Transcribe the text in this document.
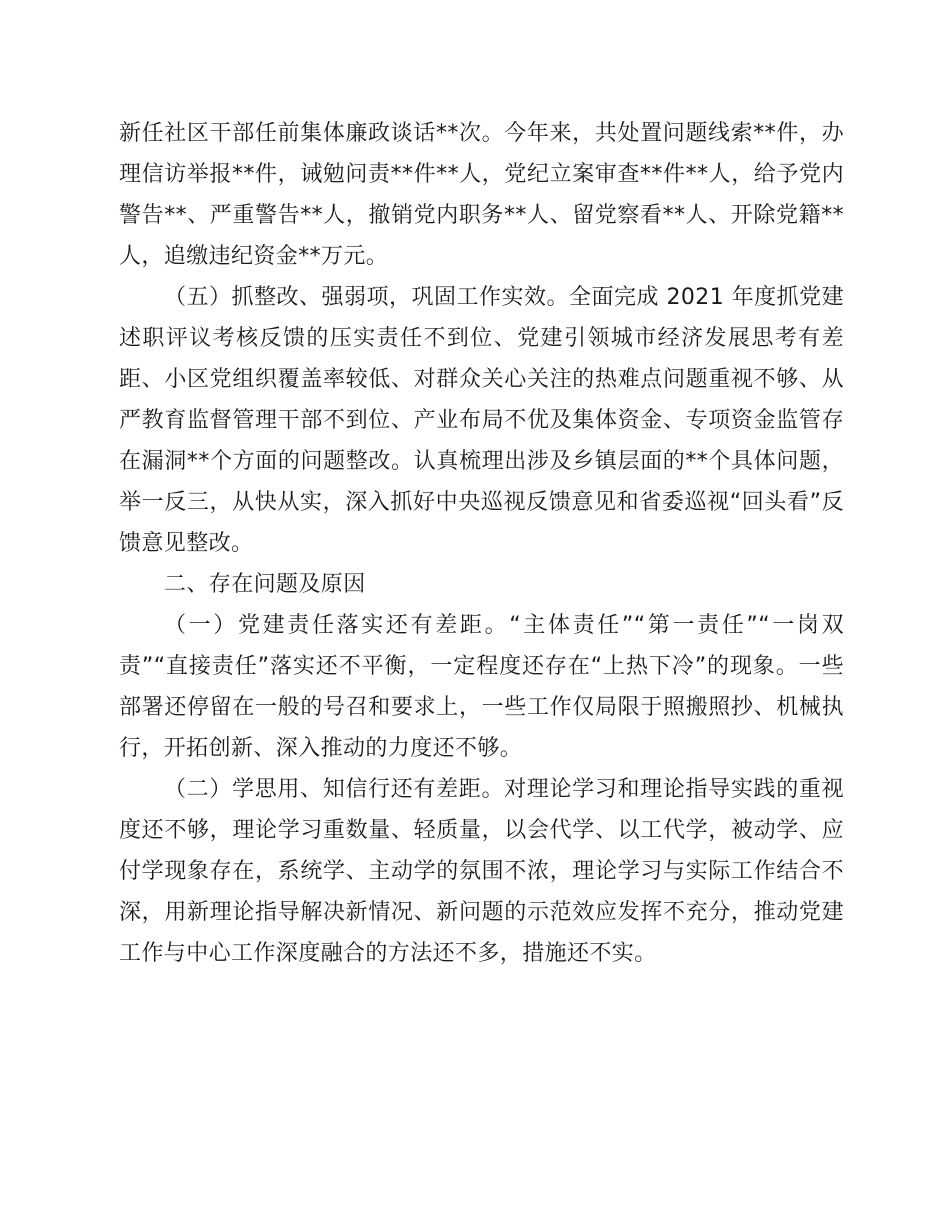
新任社区干部任前集体廉政谈话**次。今年来，共处置问题线索**件，办理信访举报**件，诫勉问责**件**人，党纪立案审查**件**人，给予党内警告**、严重警告**人，撤销党内职务**人、留党察看**人、开除党籍**人，追缴违纪资金**万元。

（五）抓整改、强弱项，巩固工作实效。全面完成 2021 年度抓党建述职评议考核反馈的压实责任不到位、党建引领城市经济发展思考有差距、小区党组织覆盖率较低、对群众关心关注的热难点问题重视不够、从严教育监督管理干部不到位、产业布局不优及集体资金、专项资金监管存在漏洞**个方面的问题整改。认真梳理出涉及乡镇层面的**个具体问题，举一反三，从快从实，深入抓好中央巡视反馈意见和省委巡视“回头看”反馈意见整改。

二、存在问题及原因

（一）党建责任落实还有差距。“主体责任”“第一责任”“一岗双责”“直接责任”落实还不平衡，一定程度还存在“上热下冷”的现象。一些部署还停留在一般的号召和要求上，一些工作仅局限于照搬照抄、机械执行，开拓创新、深入推动的力度还不够。

（二）学思用、知信行还有差距。对理论学习和理论指导实践的重视度还不够，理论学习重数量、轻质量，以会代学、以工代学，被动学、应付学现象存在，系统学、主动学的氛围不浓，理论学习与实际工作结合不深，用新理论指导解决新情况、新问题的示范效应发挥不充分，推动党建工作与中心工作深度融合的方法还不多，措施还不实。
